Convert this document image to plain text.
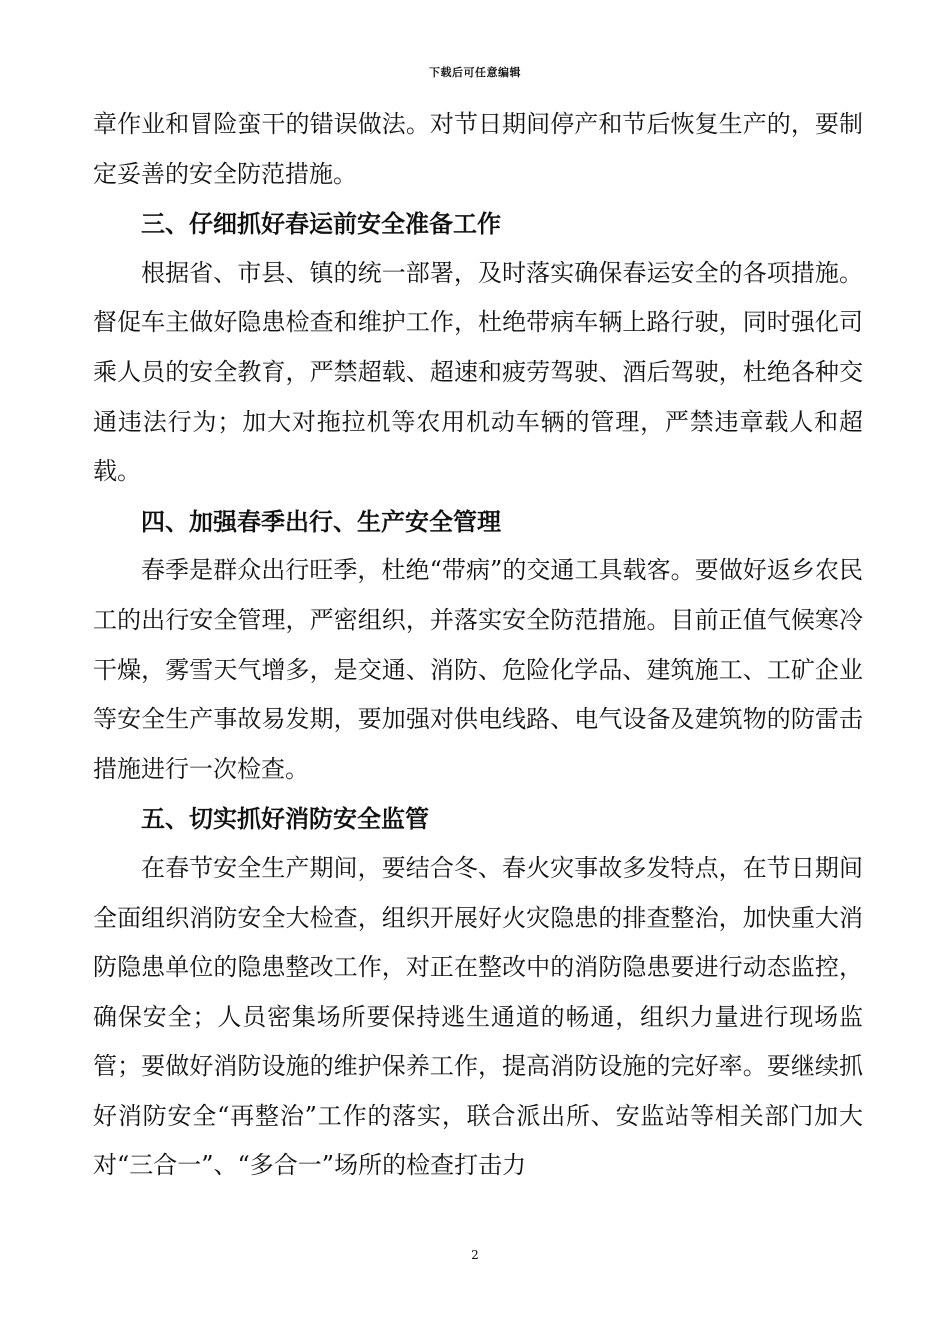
下载后可任意编辑

章作业和冒险蛮干的错误做法。对节日期间停产和节后恢复生产的，要制定妥善的安全防范措施。

三、仔细抓好春运前安全准备工作

根据省、市县、镇的统一部署，及时落实确保春运安全的各项措施。督促车主做好隐患检查和维护工作，杜绝带病车辆上路行驶，同时强化司乘人员的安全教育，严禁超载、超速和疲劳驾驶、酒后驾驶，杜绝各种交通违法行为；加大对拖拉机等农用机动车辆的管理，严禁违章载人和超载。

四、加强春季出行、生产安全管理

春季是群众出行旺季，杜绝“带病”的交通工具载客。要做好返乡农民工的出行安全管理，严密组织，并落实安全防范措施。目前正值气候寒冷干燥，雾雪天气增多，是交通、消防、危险化学品、建筑施工、工矿企业等安全生产事故易发期，要加强对供电线路、电气设备及建筑物的防雷击措施进行一次检查。

五、切实抓好消防安全监管

在春节安全生产期间，要结合冬、春火灾事故多发特点，在节日期间全面组织消防安全大检查，组织开展好火灾隐患的排查整治，加快重大消防隐患单位的隐患整改工作，对正在整改中的消防隐患要进行动态监控，确保安全；人员密集场所要保持逃生通道的畅通，组织力量进行现场监管；要做好消防设施的维护保养工作，提高消防设施的完好率。要继续抓好消防安全“再整治”工作的落实，联合派出所、安监站等相关部门加大对“三合一”、“多合一”场所的检查打击力

2
